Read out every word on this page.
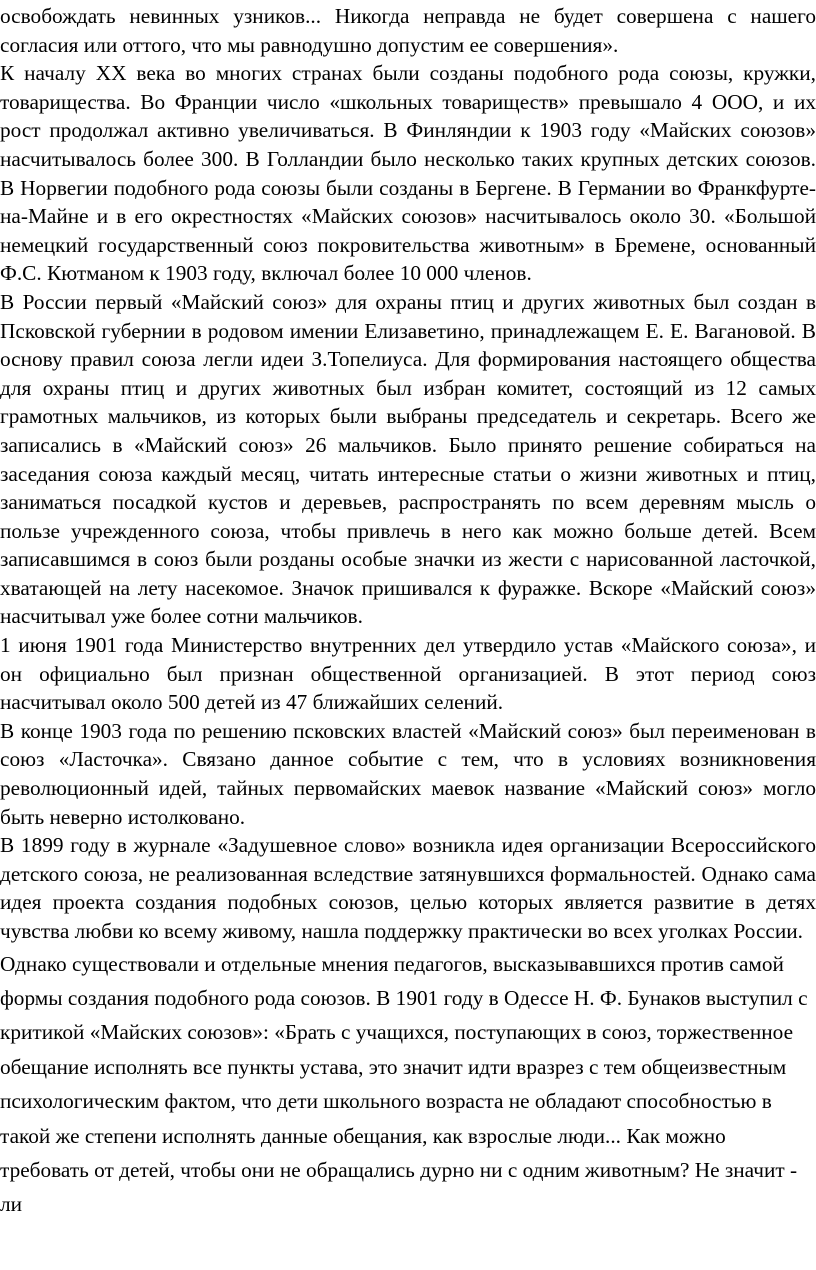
освобождать невинных узников... Никогда неправда не будет совершена с нашего согласия или оттого, что мы равнодушно допустим ее совершения».

К началу XX века во многих странах были созданы подобного рода союзы, кружки, товарищества. Во Франции число «школьных товариществ» превышало 4 ООО, и их рост продолжал активно увеличиваться. В Финляндии к 1903 году «Майских союзов» насчитывалось более 300. В Голландии было несколько таких крупных детских союзов. В Норвегии подобного рода союзы были созданы в Бергене. В Германии во Франкфурте-на-Майне и в его окрестностях «Майских союзов» насчитывалось около 30. «Большой немецкий государственный союз покровительства животным» в Бремене, основанный Ф.С. Кютманом к 1903 году, включал более 10 000 членов.

В России первый «Майский союз» для охраны птиц и других животных был создан в Псковской губернии в родовом имении Елизаветино, принадлежащем Е. Е. Вагановой. В основу правил союза легли идеи З.Топелиуса. Для формирования настоящего общества для охраны птиц и других животных был избран комитет, состоящий из 12 самых грамотных мальчиков, из которых были выбраны председатель и секретарь. Всего же записались в «Майский союз» 26 мальчиков. Было принято решение собираться на заседания союза каждый месяц, читать интересные статьи о жизни животных и птиц, заниматься посадкой кустов и деревьев, распространять по всем деревням мысль о пользе учрежденного союза, чтобы привлечь в него как можно больше детей. Всем записавшимся в союз были розданы особые значки из жести с нарисованной ласточкой, хватающей на лету насекомое. Значок пришивался к фуражке. Вскоре «Майский союз» насчитывал уже более сотни мальчиков.

1 июня 1901 года Министерство внутренних дел утвердило устав «Майского союза», и он официально был признан общественной организацией. В этот период союз насчитывал около 500 детей из 47 ближайших селений.

В конце 1903 года по решению псковских властей «Майский союз» был переименован в союз «Ласточка». Связано данное событие с тем, что в условиях возникновения революционный идей, тайных первомайских маевок название «Майский союз» могло быть неверно истолковано.

В 1899 году в журнале «Задушевное слово» возникла идея организации Всероссийского детского союза, не реализованная вследствие затянувшихся формальностей. Однако сама идея проекта создания подобных союзов, целью которых является развитие в детях чувства любви ко всему живому, нашла поддержку практически во всех уголках России.

Однако существовали и отдельные мнения педагогов, высказывавшихся против самой формы создания подобного рода союзов. В 1901 году в Одессе Н. Ф. Бунаков выступил с критикой «Майских союзов»: «Брать с учащихся, поступающих в союз, торжественное обещание исполнять все пункты устава, это значит идти вразрез с тем общеизвестным психологическим фактом, что дети школьного возраста не обладают способностью в такой же степени исполнять данные обещания, как взрослые люди... Как можно требовать от детей, чтобы они не обращались дурно ни с одним животным? Не значит - ли
